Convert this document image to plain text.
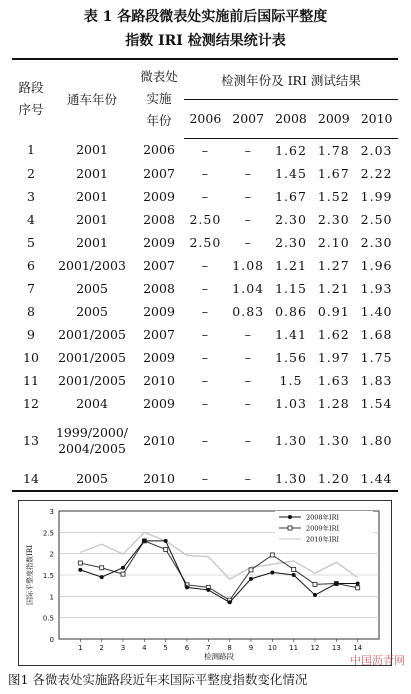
表 1 各路段微表处实施前后国际平整度
指数 IRI 检测结果统计表
路段
序号	通车年份	微表处
实施
年份	检测年份及 IRI 测试结果				
			2006	2007	2008	2009	2010
1	2001	2006	–	–	1.62	1.78	2.03
2	2001	2007	–	–	1.45	1.67	2.22
3	2001	2009	–	–	1.67	1.52	1.99
4	2001	2008	2.50	–	2.30	2.30	2.50
5	2001	2009	2.50	–	2.30	2.10	2.30
6	2001/2003	2007	–	1.08	1.21	1.27	1.96
7	2005	2008	–	1.04	1.15	1.21	1.93
8	2005	2009	–	0.83	0.86	0.91	1.40
9	2001/2005	2007	–	–	1.41	1.62	1.68
10	2001/2005	2009	–	–	1.56	1.97	1.75
11	2001/2005	2010	–	–	1.5	1.63	1.83
12	2004	2009	–	–	1.03	1.28	1.54
13	1999/2000/
2004/2005	2010	–	–	1.30	1.30	1.80
14	2005	2010	–	–	1.30	1.20	1.44
0
0.5
1
1.5
2
2.5
3
1 2 3 4 5 6 7 8 9 10 11 12 13 14
检测路段
国际平整度指数IRI
2008年IRI
2009年IRI
2010年IRI
图1 各微表处实施路段近年来国际平整度指数变化情况
中国沥青网
